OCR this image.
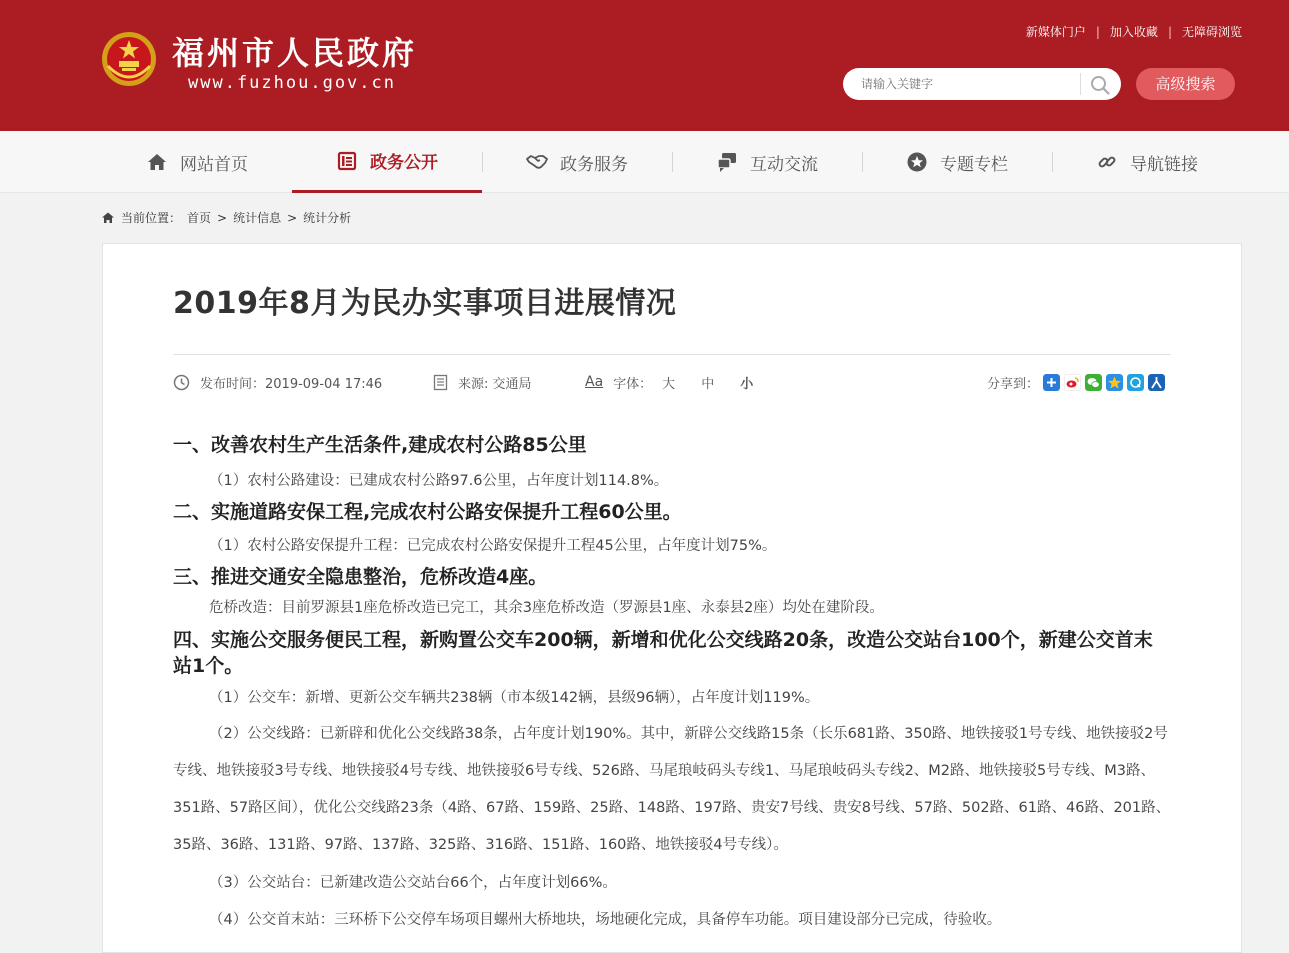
福州市人民政府
www.fuzhou.gov.cn
新媒体门户 | 加入收藏 | 无障碍浏览
请输入关键字
高级搜索
网站首页	政务公开	政务服务	互动交流	专题专栏	导航链接
当前位置： 首页 > 统计信息 > 统计分析
2019年8月为民办实事项目进展情况
发布时间：2019-09-04 17:46	来源: 交通局	Aa 字体： 大 中 小	分享到：
一、改善农村生产生活条件,建成农村公路85公里
（1）农村公路建设：已建成农村公路97.6公里，占年度计划114.8%。
二、实施道路安保工程,完成农村公路安保提升工程60公里。
（1）农村公路安保提升工程：已完成农村公路安保提升工程45公里，占年度计划75%。
三、推进交通安全隐患整治，危桥改造4座。
危桥改造：目前罗源县1座危桥改造已完工，其余3座危桥改造（罗源县1座、永泰县2座）均处在建阶段。
四、实施公交服务便民工程，新购置公交车200辆，新增和优化公交线路20条，改造公交站台100个，新建公交首末站1个。
（1）公交车：新增、更新公交车辆共238辆（市本级142辆，县级96辆），占年度计划119%。
（2）公交线路：已新辟和优化公交线路38条，占年度计划190%。其中，新辟公交线路15条（长乐681路、350路、地铁接驳1号专线、地铁接驳2号专线、地铁接驳3号专线、地铁接驳4号专线、地铁接驳6号专线、526路、马尾琅岐码头专线1、马尾琅岐码头专线2、M2路、地铁接驳5号专线、M3路、351路、57路区间），优化公交线路23条（4路、67路、159路、25路、148路、197路、贵安7号线、贵安8号线、57路、502路、61路、46路、201路、35路、36路、131路、97路、137路、325路、316路、151路、160路、地铁接驳4号专线）。
（3）公交站台：已新建改造公交站台66个，占年度计划66%。
（4）公交首末站：三环桥下公交停车场项目螺州大桥地块，场地硬化完成，具备停车功能。项目建设部分已完成，待验收。
